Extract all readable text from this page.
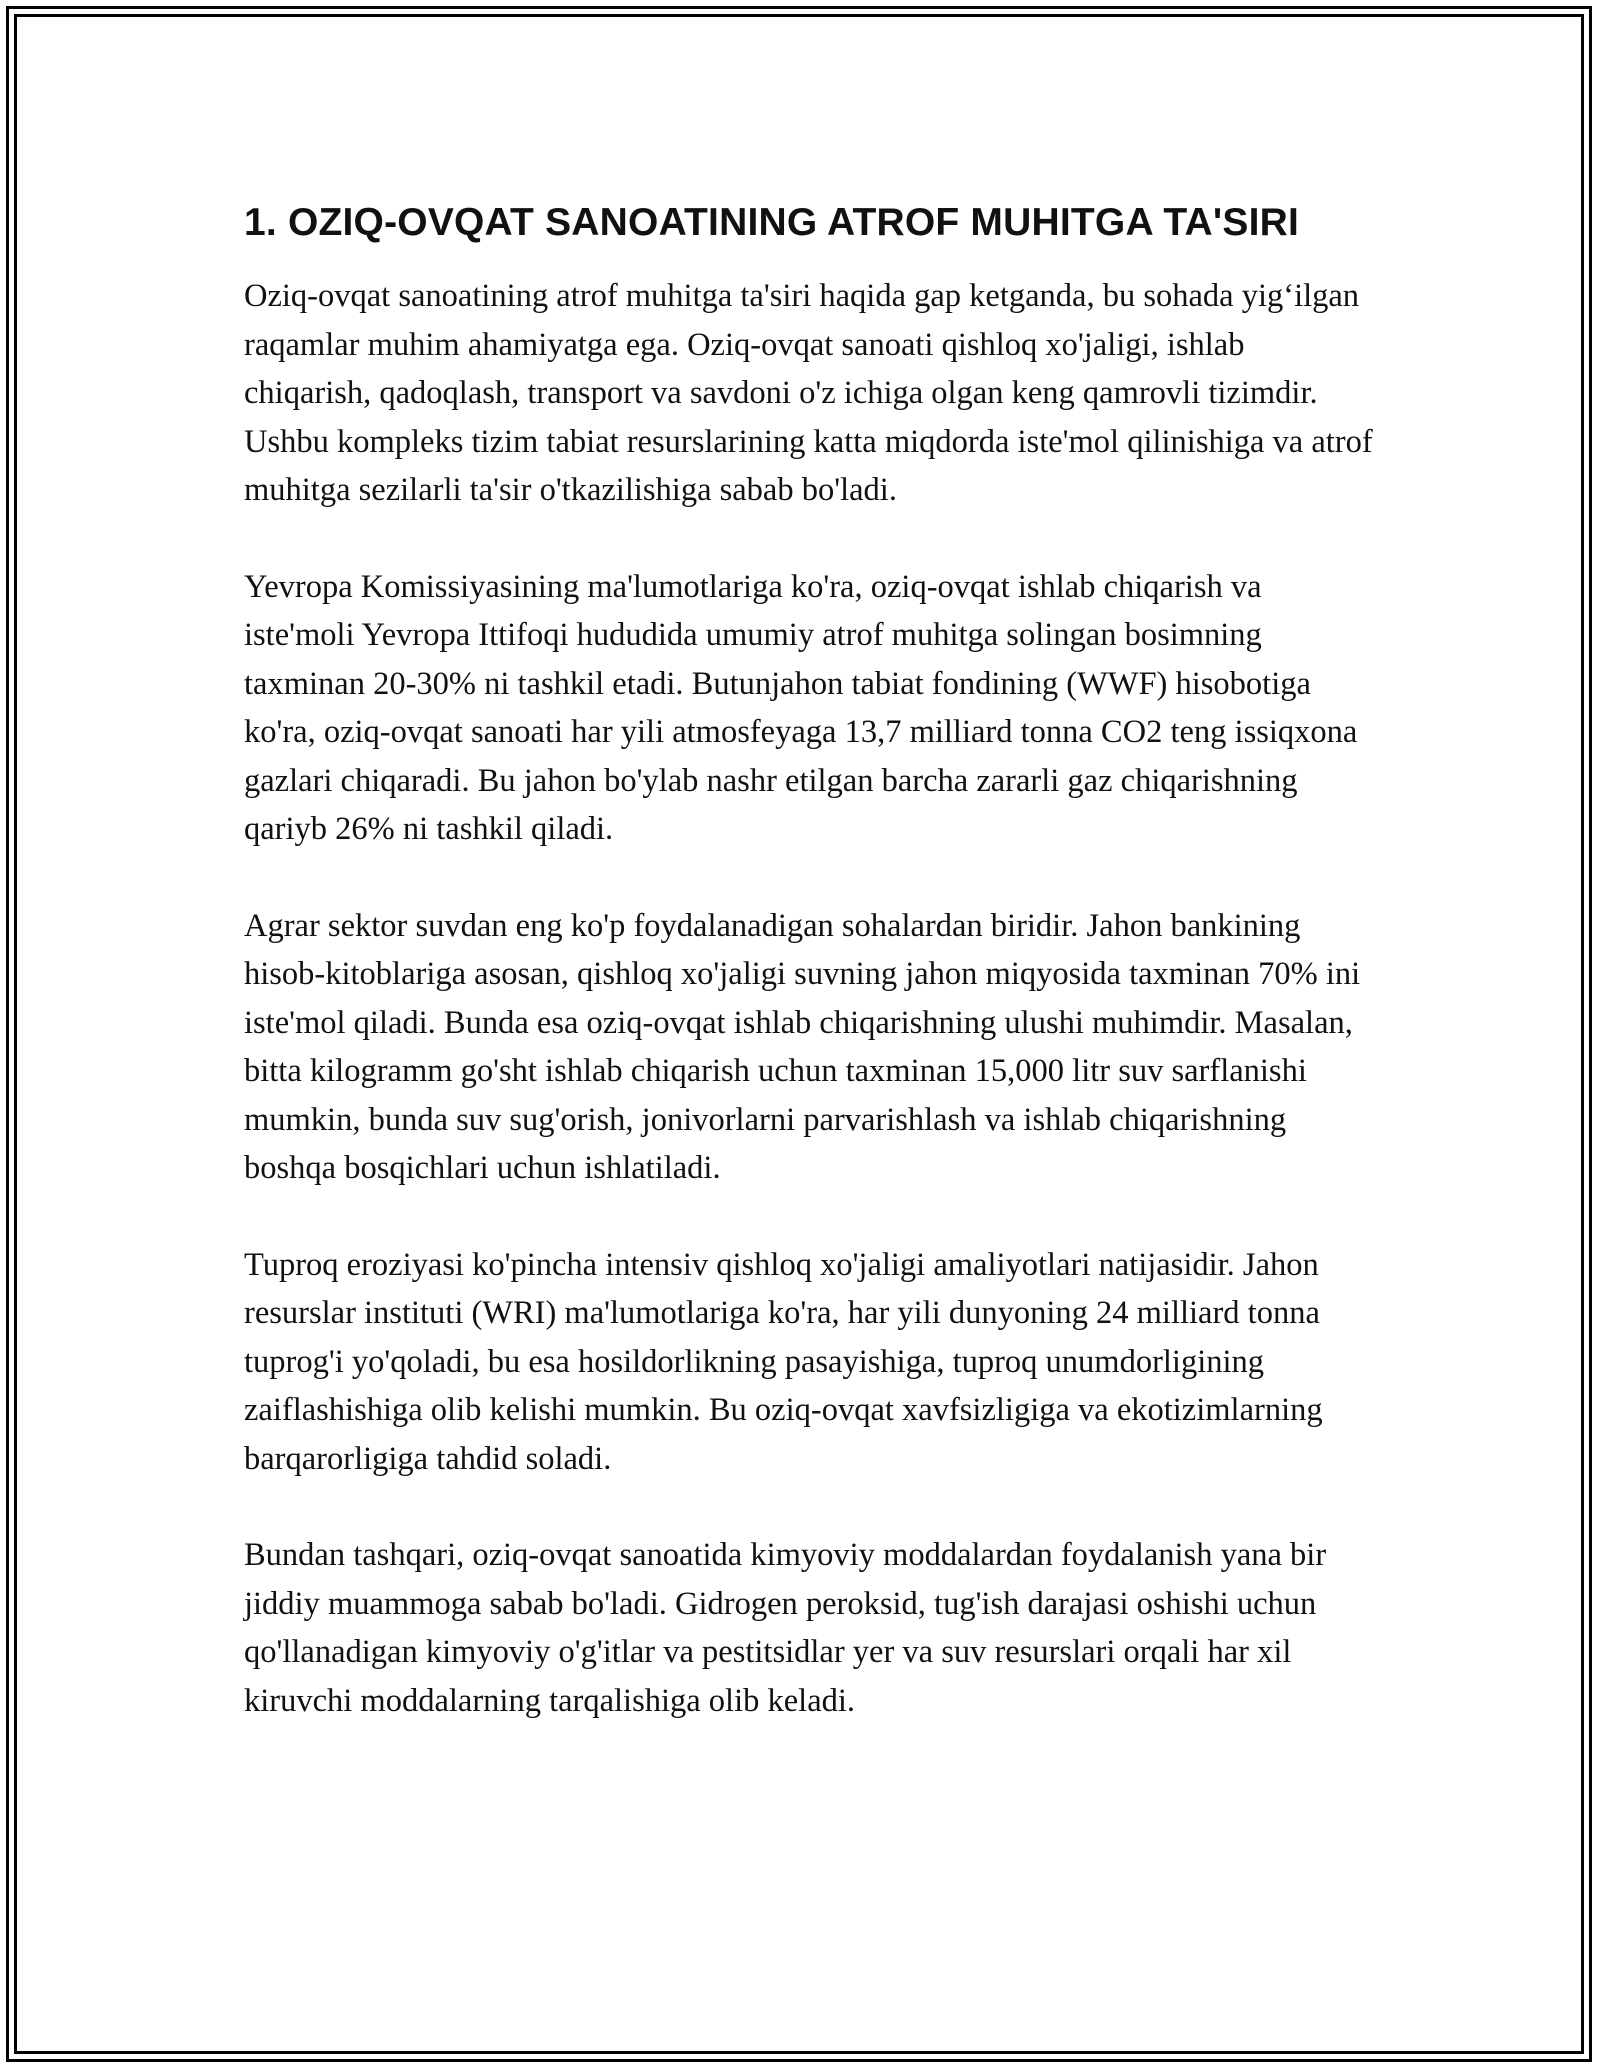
1. OZIQ-OVQAT SANOATINING ATROF MUHITGA TA'SIRI

Oziq-ovqat sanoatining atrof muhitga ta'siri haqida gap ketganda, bu sohada yig‘ilgan raqamlar muhim ahamiyatga ega. Oziq-ovqat sanoati qishloq xo'jaligi, ishlab chiqarish, qadoqlash, transport va savdoni o'z ichiga olgan keng qamrovli tizimdir. Ushbu kompleks tizim tabiat resurslarining katta miqdorda iste'mol qilinishiga va atrof muhitga sezilarli ta'sir o'tkazilishiga sabab bo'ladi.

Yevropa Komissiyasining ma'lumotlariga ko'ra, oziq-ovqat ishlab chiqarish va iste'moli Yevropa Ittifoqi hududida umumiy atrof muhitga solingan bosimning taxminan 20-30% ni tashkil etadi. Butunjahon tabiat fondining (WWF) hisobotiga ko'ra, oziq-ovqat sanoati har yili atmosfeyaga 13,7 milliard tonna CO2 teng issiqxona gazlari chiqaradi. Bu jahon bo'ylab nashr etilgan barcha zararli gaz chiqarishning qariyb 26% ni tashkil qiladi.

Agrar sektor suvdan eng ko'p foydalanadigan sohalardan biridir. Jahon bankining hisob-kitoblariga asosan, qishloq xo'jaligi suvning jahon miqyosida taxminan 70% ini iste'mol qiladi. Bunda esa oziq-ovqat ishlab chiqarishning ulushi muhimdir. Masalan, bitta kilogramm go'sht ishlab chiqarish uchun taxminan 15,000 litr suv sarflanishi mumkin, bunda suv sug'orish, jonivorlarni parvarishlash va ishlab chiqarishning boshqa bosqichlari uchun ishlatiladi.

Tuproq eroziyasi ko'pincha intensiv qishloq xo'jaligi amaliyotlari natijasidir. Jahon resurslar instituti (WRI) ma'lumotlariga ko'ra, har yili dunyoning 24 milliard tonna tuprog'i yo'qoladi, bu esa hosildorlikning pasayishiga, tuproq unumdorligining zaiflashishiga olib kelishi mumkin. Bu oziq-ovqat xavfsizligiga va ekotizimlarning barqarorligiga tahdid soladi.

Bundan tashqari, oziq-ovqat sanoatida kimyoviy moddalardan foydalanish yana bir jiddiy muammoga sabab bo'ladi. Gidrogen peroksid, tug'ish darajasi oshishi uchun qo'llanadigan kimyoviy o'g'itlar va pestitsidlar yer va suv resurslari orqali har xil kiruvchi moddalarning tarqalishiga olib keladi.
